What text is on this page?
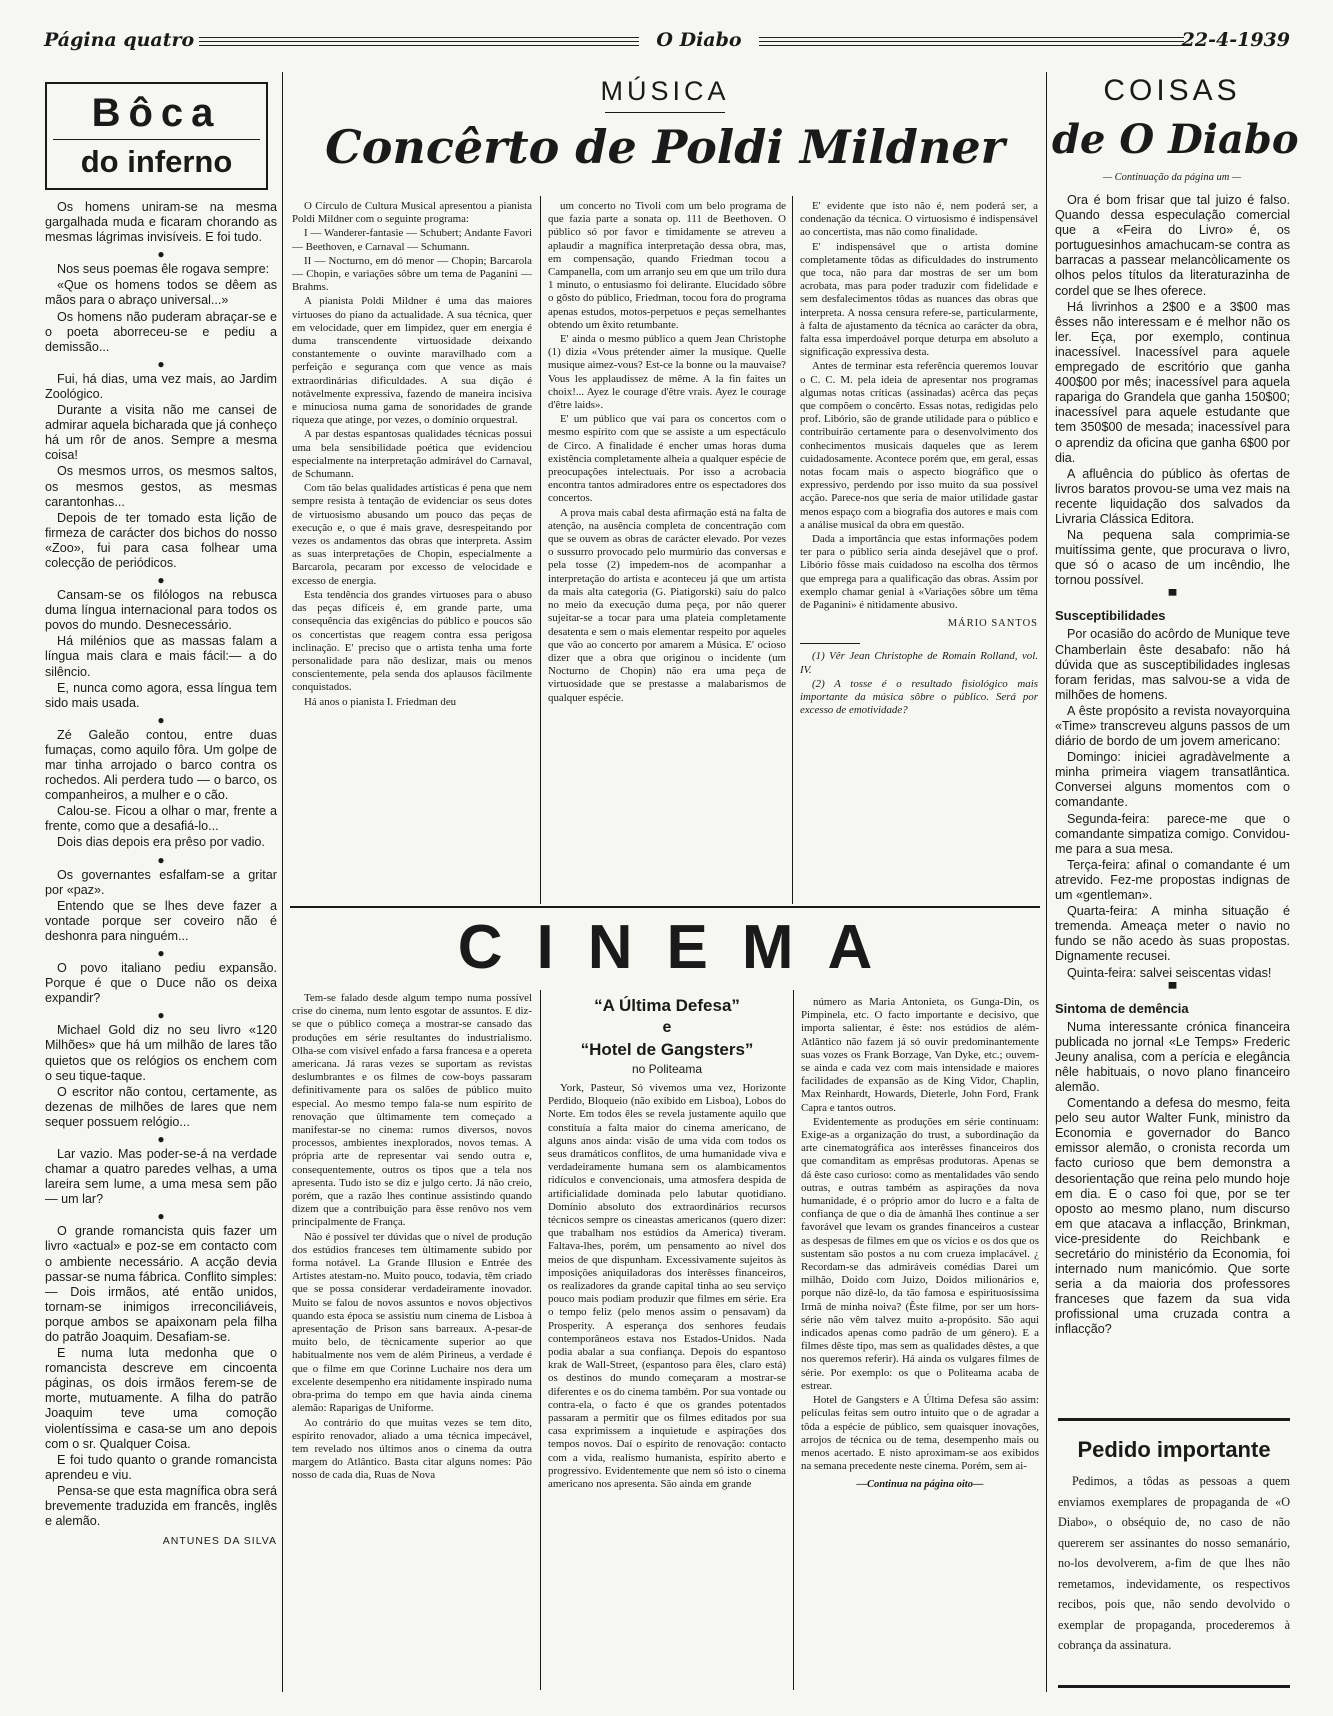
Página quatro	O Diabo	22-4-1939
Bôca
do inferno
Os homens uniram-se na mesma gargalhada muda e ficaram chorando as mesmas lágrimas invisíveis. E foi tudo.
●
Nos seus poemas êle rogava sempre:
«Que os homens todos se dêem as mãos para o abraço universal...»
Os homens não puderam abraçar-se e o poeta aborreceu-se e pediu a demissão...
●
Fui, há dias, uma vez mais, ao Jardim Zoológico.
Durante a visita não me cansei de admirar aquela bicharada que já conheço há um rôr de anos. Sempre a mesma coisa!
Os mesmos urros, os mesmos saltos, os mesmos gestos, as mesmas carantonhas...
Depois de ter tomado esta lição de firmeza de carácter dos bichos do nosso «Zoo», fui para casa folhear uma colecção de periódicos.
●
Cansam-se os filólogos na rebusca duma língua internacional para todos os povos do mundo. Desnecessário.
Há milénios que as massas falam a língua mais clara e mais fácil:— a do silêncio.
E, nunca como agora, essa língua tem sido mais usada.
●
Zé Galeão contou, entre duas fumaças, como aquilo fôra. Um golpe de mar tinha arrojado o barco contra os rochedos. Ali perdera tudo — o barco, os companheiros, a mulher e o cão.
Calou-se. Ficou a olhar o mar, frente a frente, como que a desafiá-lo...
Dois dias depois era prêso por vadio.
●
Os governantes esfalfam-se a gritar por «paz».
Entendo que se lhes deve fazer a vontade porque ser coveiro não é deshonra para ninguém...
●
O povo italiano pediu expansão. Porque é que o Duce não os deixa expandir?
●
Michael Gold diz no seu livro «120 Milhões» que há um milhão de lares tão quietos que os relógios os enchem com o seu tique-taque.
O escritor não contou, certamente, as dezenas de milhões de lares que nem sequer possuem relógio...
●
Lar vazio. Mas poder-se-á na verdade chamar a quatro paredes velhas, a uma lareira sem lume, a uma mesa sem pão — um lar?
●
O grande romancista quis fazer um livro «actual» e poz-se em contacto com o ambiente necessário. A acção devia passar-se numa fábrica. Conflito simples:— Dois irmãos, até então unidos, tornam-se inimigos irreconciliáveis, porque ambos se apaixonam pela filha do patrão Joaquim. Desafiam-se.
E numa luta medonha que o romancista descreve em cincoenta páginas, os dois irmãos ferem-se de morte, mutuamente. A filha do patrão Joaquim teve uma comoção violentíssima e casa-se um ano depois com o sr. Qualquer Coisa.
E foi tudo quanto o grande romancista aprendeu e viu.
Pensa-se que esta magnífica obra será brevemente traduzida em francês, inglês e alemão.
ANTUNES DA SILVA
MÚSICA
Concêrto de Poldi Mildner
O Círculo de Cultura Musical apresentou a pianista Poldi Mildner com o seguinte programa:
I — Wanderer-fantasie — Schubert; Andante Favori — Beethoven, e Carnaval — Schumann.
II — Nocturno, em dó menor — Chopin; Barcarola — Chopin, e variações sôbre um tema de Paganini — Brahms.
A pianista Poldi Mildner é uma das maiores virtuoses do piano da actualidade. A sua técnica, quer em velocidade, quer em limpidez, quer em energia é duma transcendente virtuosidade deixando constantemente o ouvinte maravilhado com a perfeição e segurança com que vence as mais extraordinárias dificuldades. A sua dição é notàvelmente expressiva, fazendo de maneira incisiva e minuciosa numa gama de sonoridades de grande riqueza que atinge, por vezes, o domínio orquestral.
A par destas espantosas qualidades técnicas possui uma bela sensibilidade poética que evidenciou especialmente na interpretação admirável do Carnaval, de Schumann.
Com tão belas qualidades artísticas é pena que nem sempre resista à tentação de evidenciar os seus dotes de virtuosismo abusando um pouco das peças de execução e, o que é mais grave, desrespeitando por vezes os andamentos das obras que interpreta. Assim as suas interpretações de Chopin, especialmente a Barcarola, pecaram por excesso de velocidade e excesso de energia.
Esta tendência dos grandes virtuoses para o abuso das peças difíceis é, em grande parte, uma consequência das exigências do público e poucos são os concertistas que reagem contra essa perigosa inclinação. E' preciso que o artista tenha uma forte personalidade para não deslizar, mais ou menos conscientemente, pela senda dos aplausos fàcilmente conquistados.
Há anos o pianista I. Friedman deu
um concerto no Tivoli com um belo programa de que fazia parte a sonata op. 111 de Beethoven. O público só por favor e timidamente se atreveu a aplaudir a magnífica interpretação dessa obra, mas, em compensação, quando Friedman tocou a Campanella, com um arranjo seu em que um trilo dura 1 minuto, o entusiasmo foi delirante. Elucidado sôbre o gôsto do público, Friedman, tocou fora do programa apenas estudos, motos-perpetuos e peças semelhantes obtendo um êxito retumbante.
E' ainda o mesmo público a quem Jean Christophe (1) dizia «Vous prétender aimer la musique. Quelle musique aimez-vous? Est-ce la bonne ou la mauvaise? Vous les applaudissez de même. A la fin faites un choix!... Ayez le courage d'être vrais. Ayez le courage d'être laids».
E' um público que vai para os concertos com o mesmo espírito com que se assiste a um espectáculo de Circo. A finalidade é encher umas horas duma existência completamente alheia a qualquer espécie de preocupações intelectuais. Por isso a acrobacia encontra tantos admiradores entre os espectadores dos concertos.
A prova mais cabal desta afirmação está na falta de atenção, na ausência completa de concentração com que se ouvem as obras de carácter elevado. Por vezes o sussurro provocado pelo murmúrio das conversas e pela tosse (2) impedem-nos de acompanhar a interpretação do artista e aconteceu já que um artista da mais alta categoria (G. Piatigorski) saíu do palco no meio da execução duma peça, por não querer sujeitar-se a tocar para uma plateia completamente desatenta e sem o mais elementar respeito por aqueles que vão ao concerto por amarem a Música. E' ocioso dizer que a obra que originou o incidente (um Nocturno de Chopin) não era uma peça de virtuosidade que se prestasse a malabarismos de qualquer espécie.
E' evidente que isto não é, nem poderá ser, a condenação da técnica. O virtuosismo é indispensável ao concertista, mas não como finalidade.
E' indispensável que o artista domine completamente tôdas as dificuldades do instrumento que toca, não para dar mostras de ser um bom acrobata, mas para poder traduzir com fidelidade e sem desfalecimentos tôdas as nuances das obras que interpreta. A nossa censura refere-se, particularmente, à falta de ajustamento da técnica ao carácter da obra, falta essa imperdoável porque deturpa em absoluto a significação expressiva desta.
Antes de terminar esta referência queremos louvar o C. C. M. pela ideia de apresentar nos programas algumas notas críticas (assinadas) acêrca das peças que compõem o concêrto. Essas notas, redigidas pelo prof. Libório, são de grande utilidade para o público e contribuirão certamente para o desenvolvimento dos conhecimentos musicais daqueles que as lerem cuidadosamente. Acontece porém que, em geral, essas notas focam mais o aspecto biográfico que o expressivo, perdendo por isso muito da sua possível acção. Parece-nos que seria de maior utilidade gastar menos espaço com a biografia dos autores e mais com a análise musical da obra em questão.
Dada a importância que estas informações podem ter para o público seria ainda desejável que o prof. Libório fôsse mais cuidadoso na escolha dos têrmos que emprega para a qualificação das obras. Assim por exemplo chamar genial à «Variações sôbre um têma de Paganini» é nìtidamente abusivo.
MÁRIO SANTOS
(1) Vêr Jean Christophe de Romain Rolland, vol. IV.
(2) A tosse é o resultado fisiológico mais importante da música sôbre o público. Será por excesso de emotividade?
CINEMA
Tem-se falado desde algum tempo numa possível crise do cinema, num lento esgotar de assuntos. E diz-se que o público começa a mostrar-se cansado das produções em série resultantes do industrialismo. Olha-se com visível enfado a farsa francesa e a opereta americana. Já raras vezes se suportam as revistas deslumbrantes e os filmes de cow-boys passaram definitivamente para os salões de público muito especial. Ao mesmo tempo fala-se num espírito de renovação que ùltimamente tem começado a manifestar-se no cinema: rumos diversos, novos processos, ambientes inexplorados, novos temas. A própria arte de representar vai sendo outra e, consequentemente, outros os tipos que a tela nos apresenta. Tudo isto se diz e julgo certo. Já não creio, porém, que a razão lhes continue assistindo quando dizem que a contribuição para êsse renôvo nos vem principalmente de França.
Não é possível ter dúvidas que o nível de produção dos estúdios franceses tem ùltimamente subido por forma notável. La Grande Illusion e Entrée des Artistes atestam-no. Muito pouco, todavia, têm criado que se possa considerar verdadeiramente inovador. Muito se falou de novos assuntos e novos objectivos quando esta época se assistiu num cinema de Lisboa à apresentação de Prison sans barreaux. A-pesar-de muito belo, de tècnicamente superior ao que habitualmente nos vem de além Pirineus, a verdade é que o filme em que Corinne Luchaire nos dera um excelente desempenho era nitidamente inspirado numa obra-prima do tempo em que havia ainda cinema alemão: Raparigas de Uniforme.
Ao contrário do que muitas vezes se tem dito, espírito renovador, aliado a uma técnica impecável, tem revelado nos últimos anos o cinema da outra margem do Atlântico. Basta citar alguns nomes: Pão nosso de cada dia, Ruas de Nova
“A Última Defesa”
e
“Hotel de Gangsters”
no Politeama
York, Pasteur, Só vivemos uma vez, Horizonte Perdido, Bloqueio (não exibido em Lisboa), Lobos do Norte. Em todos êles se revela justamente aquilo que constituía a falta maior do cinema americano, de alguns anos ainda: visão de uma vida com todos os seus dramáticos conflitos, de uma humanidade viva e verdadeiramente humana sem os alambicamentos ridículos e convencionais, uma atmosfera despida de artificialidade dominada pelo labutar quotidiano. Domínio absoluto dos extraordinários recursos técnicos sempre os cineastas americanos (quero dizer: que trabalham nos estúdios da America) tiveram. Faltava-lhes, porém, um pensamento ao nível dos meios de que dispunham. Excessivamente sujeitos às imposições aniquiladoras dos interêsses financeiros, os realizadores da grande capital tinha ao seu serviço pouco mais podiam produzir que filmes em série. Era o tempo feliz (pelo menos assim o pensavam) da Prosperity. A esperança dos senhores feudais contemporâneos estava nos Estados-Unidos. Nada podia abalar a sua confiança. Depois do espantoso krak de Wall-Street, (espantoso para êles, claro está) os destinos do mundo começaram a mostrar-se diferentes e os do cinema também. Por sua vontade ou contra-ela, o facto é que os grandes potentados passaram a permitir que os filmes editados por sua casa exprimissem a inquietude e aspirações dos tempos novos. Daí o espírito de renovação: contacto com a vida, realismo humanista, espírito aberto e progressivo. Evidentemente que nem só isto o cinema americano nos apresenta. São ainda em grande
número as Maria Antonieta, os Gunga-Din, os Pimpinela, etc. O facto importante e decisivo, que importa salientar, é êste: nos estúdios de além-Atlântico não fazem já só ouvir predominantemente suas vozes os Frank Borzage, Van Dyke, etc.; ouvem-se ainda e cada vez com mais intensidade e maiores facilidades de expansão as de King Vidor, Chaplin, Max Reinhardt, Howards, Dieterle, John Ford, Frank Capra e tantos outros.
Evidentemente as produções em série continuam: Exige-as a organização do trust, a subordinação da arte cinematográfica aos interêsses financeiros dos que comanditam as emprêsas produtoras. Apenas se dá êste caso curioso: como as mentalidades vão sendo outras, e outras também as aspirações da nova humanidade, é o próprio amor do lucro e a falta de confiança de que o dia de àmanhã lhes continue a ser favorável que levam os grandes financeiros a custear as despesas de filmes em que os vícios e os dos que os sustentam são postos a nu com crueza implacável. ¿ Recordam-se das admiráveis comédias Darei um milhão, Doido com Juizo, Doidos milionários e, porque não dizê-lo, da tão famosa e espirituosíssima Irmã de minha noiva? (Êste filme, por ser um hors-série não vêm talvez muito a-propósito. São aqui indicados apenas como padrão de um género). E a filmes dêste tipo, mas sem as qualidades dêstes, a que nos queremos referir). Há ainda os vulgares filmes de série. Por exemplo: os que o Politeama acaba de estrear.
Hotel de Gangsters e A Última Defesa são assim: películas feitas sem outro intuito que o de agradar a tôda a espécie de público, sem quaisquer inovações, arrojos de técnica ou de tema, desempenho mais ou menos acertado. E nisto aproximam-se aos exibidos na semana precedente neste cinema. Porém, sem ai-
—Continua na página oito—
COISAS
de O Diabo
— Continuação da página um —
Ora é bom frisar que tal juizo é falso. Quando dessa especulação comercial que a «Feira do Livro» é, os portuguesinhos amachucam-se contra as barracas a passear melancòlicamente os olhos pelos títulos da literaturazinha de cordel que se lhes oferece.
Há livrinhos a 2$00 e a 3$00 mas êsses não interessam e é melhor não os ler. Eça, por exemplo, continua inacessível. Inacessível para aquele empregado de escritório que ganha 400$00 por mês; inacessível para aquela rapariga do Grandela que ganha 150$00; inacessível para aquele estudante que tem 350$00 de mesada; inacessível para o aprendiz da oficina que ganha 6$00 por dia.
A afluência do público às ofertas de livros baratos provou-se uma vez mais na recente liquidação dos salvados da Livraria Clássica Editora.
Na pequena sala comprimia-se muitíssima gente, que procurava o livro, que só o acaso de um incêndio, lhe tornou possível.
▀
Susceptibilidades
Por ocasião do acôrdo de Munique teve Chamberlain êste desabafo: não há dúvida que as susceptibilidades inglesas foram feridas, mas salvou-se a vida de milhões de homens.
A êste propósito a revista novayorquina «Time» transcreveu alguns passos de um diário de bordo de um jovem americano:
Domingo: iniciei agradàvelmente a minha primeira viagem transatlântica. Conversei alguns momentos com o comandante.
Segunda-feira: parece-me que o comandante simpatiza comigo. Convidou-me para a sua mesa.
Terça-feira: afinal o comandante é um atrevido. Fez-me propostas indignas de um «gentleman».
Quarta-feira: A minha situação é tremenda. Ameaça meter o navio no fundo se não acedo às suas propostas. Dignamente recusei.
Quinta-feira: salvei seiscentas vidas!
▀
Sintoma de demência
Numa interessante crónica financeira publicada no jornal «Le Temps» Frederic Jeuny analisa, com a perícia e elegância nêle habituais, o novo plano financeiro alemão.
Comentando a defesa do mesmo, feita pelo seu autor Walter Funk, ministro da Economia e governador do Banco emissor alemão, o cronista recorda um facto curioso que bem demonstra a desorientação que reina pelo mundo hoje em dia. E o caso foi que, por se ter oposto ao mesmo plano, num discurso em que atacava a inflacção, Brinkman, vice-presidente do Reichbank e secretário do ministério da Economia, foi internado num manicómio. Que sorte seria a da maioria dos professores franceses que fazem da sua vida profissional uma cruzada contra a inflacção?
Pedido importante
Pedimos, a tôdas as pessoas a quem enviamos exemplares de propaganda de «O Diabo», o obséquio de, no caso de não quererem ser assinantes do nosso semanário, no-los devolverem, a-fim de que lhes não remetamos, indevidamente, os respectivos recibos, pois que, não sendo devolvido o exemplar de propaganda, procederemos à cobrança da assinatura.
